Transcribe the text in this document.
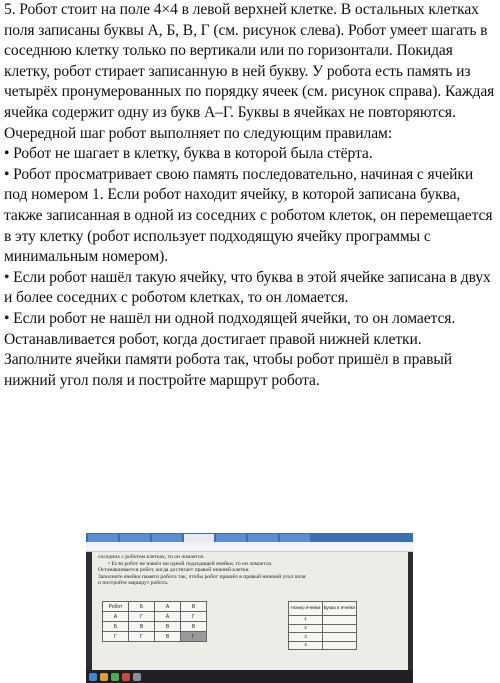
5. Робот стоит на поле 4×4 в левой верхней клетке. В остальных клетках поля записаны буквы А, Б, В, Г (см. рисунок слева). Робот умеет шагать в соседнюю клетку только по вертикали или по горизонтали. Покидая клетку, робот стирает записанную в ней букву. У робота есть память из четырёх пронумерованных по порядку ячеек (см. рисунок справа). Каждая ячейка содержит одну из букв А–Г. Буквы в ячейках не повторяются. Очередной шаг робот выполняет по следующим правилам:

• Робот не шагает в клетку, буква в которой была стёрта.

• Робот просматривает свою память последовательно, начиная с ячейки под номером 1. Если робот находит ячейку, в которой записана буква, также записанная в одной из соседних с роботом клеток, он перемещается в эту клетку (робот использует подходящую ячейку программы с минимальным номером).

• Если робот нашёл такую ячейку, что буква в этой ячейке записана в двух и более соседних с роботом клетках, то он ломается.

• Если робот не нашёл ни одной подходящей ячейки, то он ломается.

Останавливается робот, когда достигает правой нижней клетки.

Заполните ячейки памяти робота так, чтобы робот пришёл в правый нижний угол поля и постройте маршрут робота.

соседних с роботом клетках, то он ломается.
• Если робот не нашёл ни одной подходящей ячейки, то он ломается.
Останавливается робот, когда достигает правой нижней клетки.
Заполните ячейки памяти робота так, чтобы робот пришёл в правый нижний угол поля
и постройте маршрут робота.
Робот	Б	А	В
А	Г	А	Г
Б	В	В	В
Г	Г	В	Г
Номер ячейки	Буква в ячейке
1	
2	
3	
4	
